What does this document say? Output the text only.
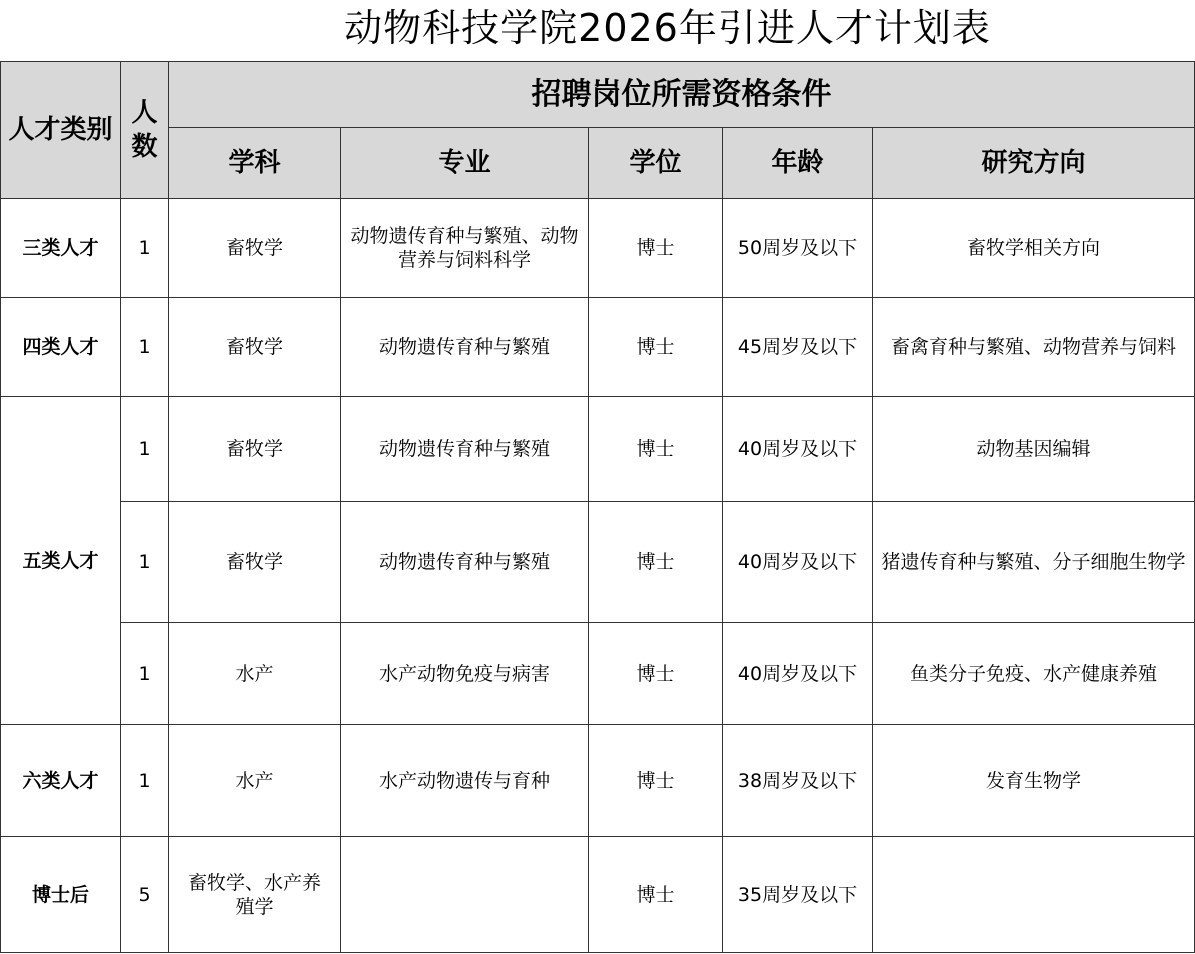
动物科技学院2026年引进人才计划表
人才类别	人数	招聘岗位所需资格条件				
		学科	专业	学位	年龄	研究方向
三类人才	1	畜牧学	动物遗传育种与繁殖、动物营养与饲料科学	博士	50周岁及以下	畜牧学相关方向
四类人才	1	畜牧学	动物遗传育种与繁殖	博士	45周岁及以下	畜禽育种与繁殖、动物营养与饲料
五类人才	1	畜牧学	动物遗传育种与繁殖	博士	40周岁及以下	动物基因编辑
	1	畜牧学	动物遗传育种与繁殖	博士	40周岁及以下	猪遗传育种与繁殖、分子细胞生物学
	1	水产	水产动物免疫与病害	博士	40周岁及以下	鱼类分子免疫、水产健康养殖
六类人才	1	水产	水产动物遗传与育种	博士	38周岁及以下	发育生物学
博士后	5	畜牧学、水产养殖学		博士	35周岁及以下	
